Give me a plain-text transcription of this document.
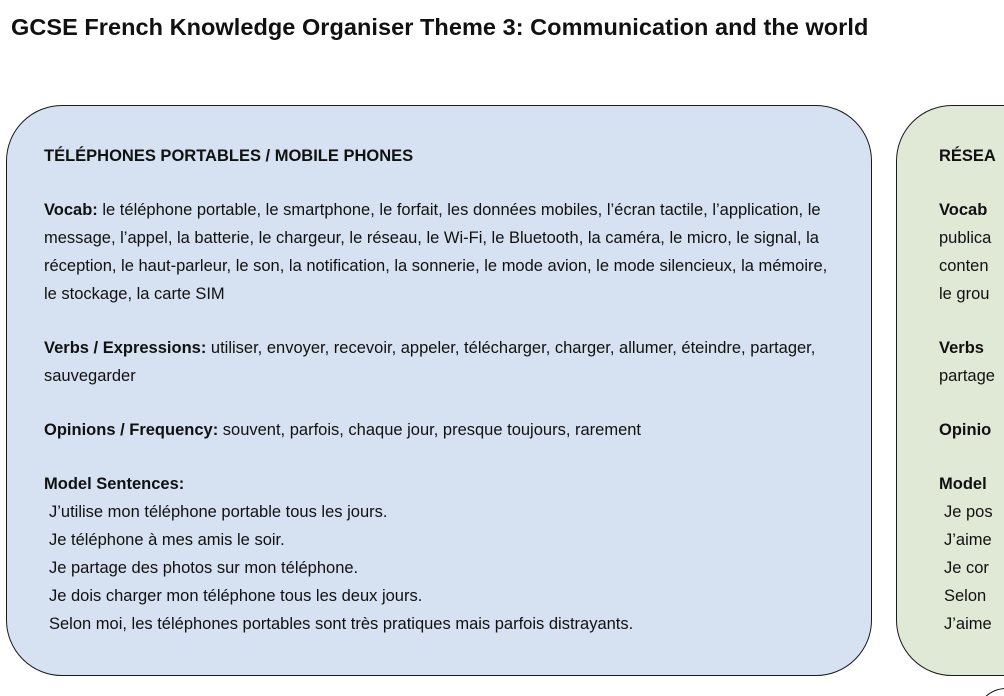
GCSE French Knowledge Organiser Theme 3: Communication and the world
TÉLÉPHONES PORTABLES / MOBILE PHONES
Vocab: le téléphone portable, le smartphone, le forfait, les données mobiles, l’écran tactile, l’application, le message, l’appel, la batterie, le chargeur, le réseau, le Wi-Fi, le Bluetooth, la caméra, le micro, le signal, la réception, le haut-parleur, le son, la notification, la sonnerie, le mode avion, le mode silencieux, la mémoire, le stockage, la carte SIM
Verbs / Expressions: utiliser, envoyer, recevoir, appeler, télécharger, charger, allumer, éteindre, partager, sauvegarder
Opinions / Frequency: souvent, parfois, chaque jour, presque toujours, rarement
Model Sentences:
J’utilise mon téléphone portable tous les jours.
Je téléphone à mes amis le soir.
Je partage des photos sur mon téléphone.
Je dois charger mon téléphone tous les deux jours.
Selon moi, les téléphones portables sont très pratiques mais parfois distrayants.
RÉSEA
Vocab
publica
conten
le grou
Verbs
partage
Opinio
Model
Je pos
J’aime
Je cor
Selon
J’aime
